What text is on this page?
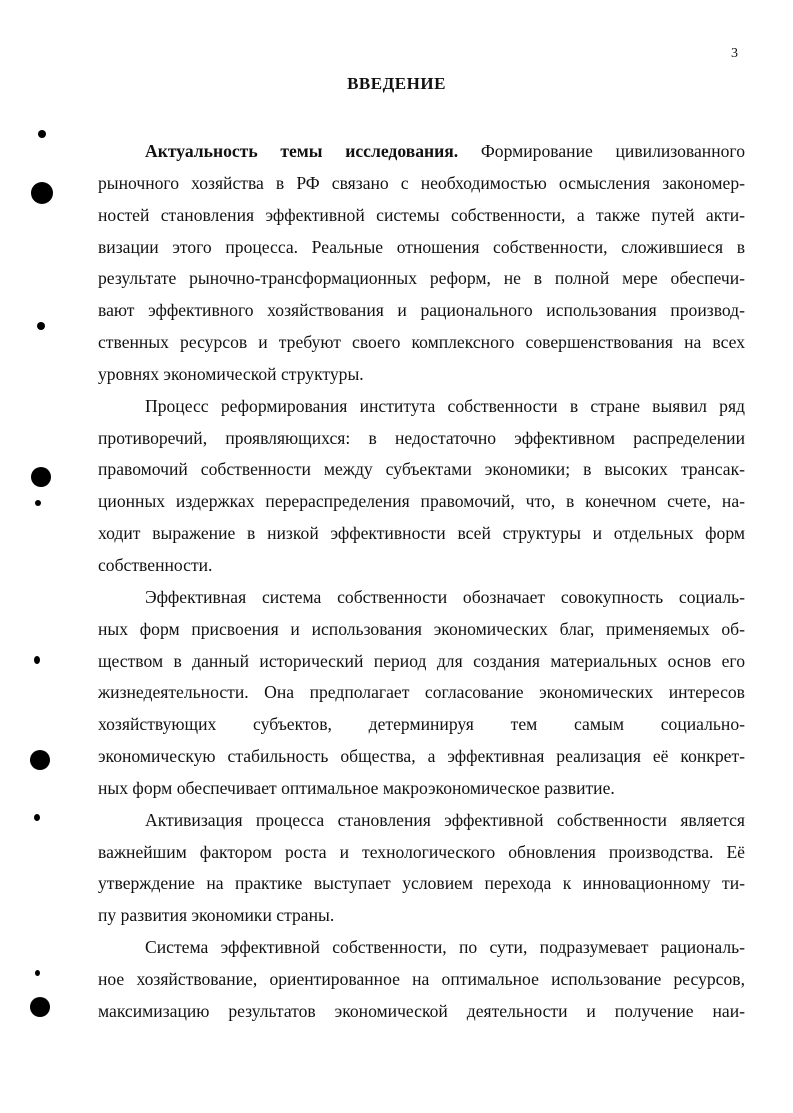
3
ВВЕДЕНИЕ
Актуальность темы исследования. Формирование цивилизованного
рыночного хозяйства в РФ связано с необходимостью осмысления закономер-
ностей становления эффективной системы собственности, а также путей акти-
визации этого процесса. Реальные отношения собственности, сложившиеся в
результате рыночно-трансформационных реформ, не в полной мере обеспечи-
вают эффективного хозяйствования и рационального использования производ-
ственных ресурсов и требуют своего комплексного совершенствования на всех
уровнях экономической структуры.
Процесс реформирования института собственности в стране выявил ряд
противоречий, проявляющихся: в недостаточно эффективном распределении
правомочий собственности между субъектами экономики; в высоких трансак-
ционных издержках перераспределения правомочий, что, в конечном счете, на-
ходит выражение в низкой эффективности всей структуры и отдельных форм
собственности.
Эффективная система собственности обозначает совокупность социаль-
ных форм присвоения и использования экономических благ, применяемых об-
ществом в данный исторический период для создания материальных основ его
жизнедеятельности. Она предполагает согласование экономических интересов
хозяйствующих субъектов, детерминируя тем самым социально-
экономическую стабильность общества, а эффективная реализация её конкрет-
ных форм обеспечивает оптимальное макроэкономическое развитие.
Активизация процесса становления эффективной собственности является
важнейшим фактором роста и технологического обновления производства. Её
утверждение на практике выступает условием перехода к инновационному ти-
пу развития экономики страны.
Система эффективной собственности, по сути, подразумевает рациональ-
ное хозяйствование, ориентированное на оптимальное использование ресурсов,
максимизацию результатов экономической деятельности и получение наи-
